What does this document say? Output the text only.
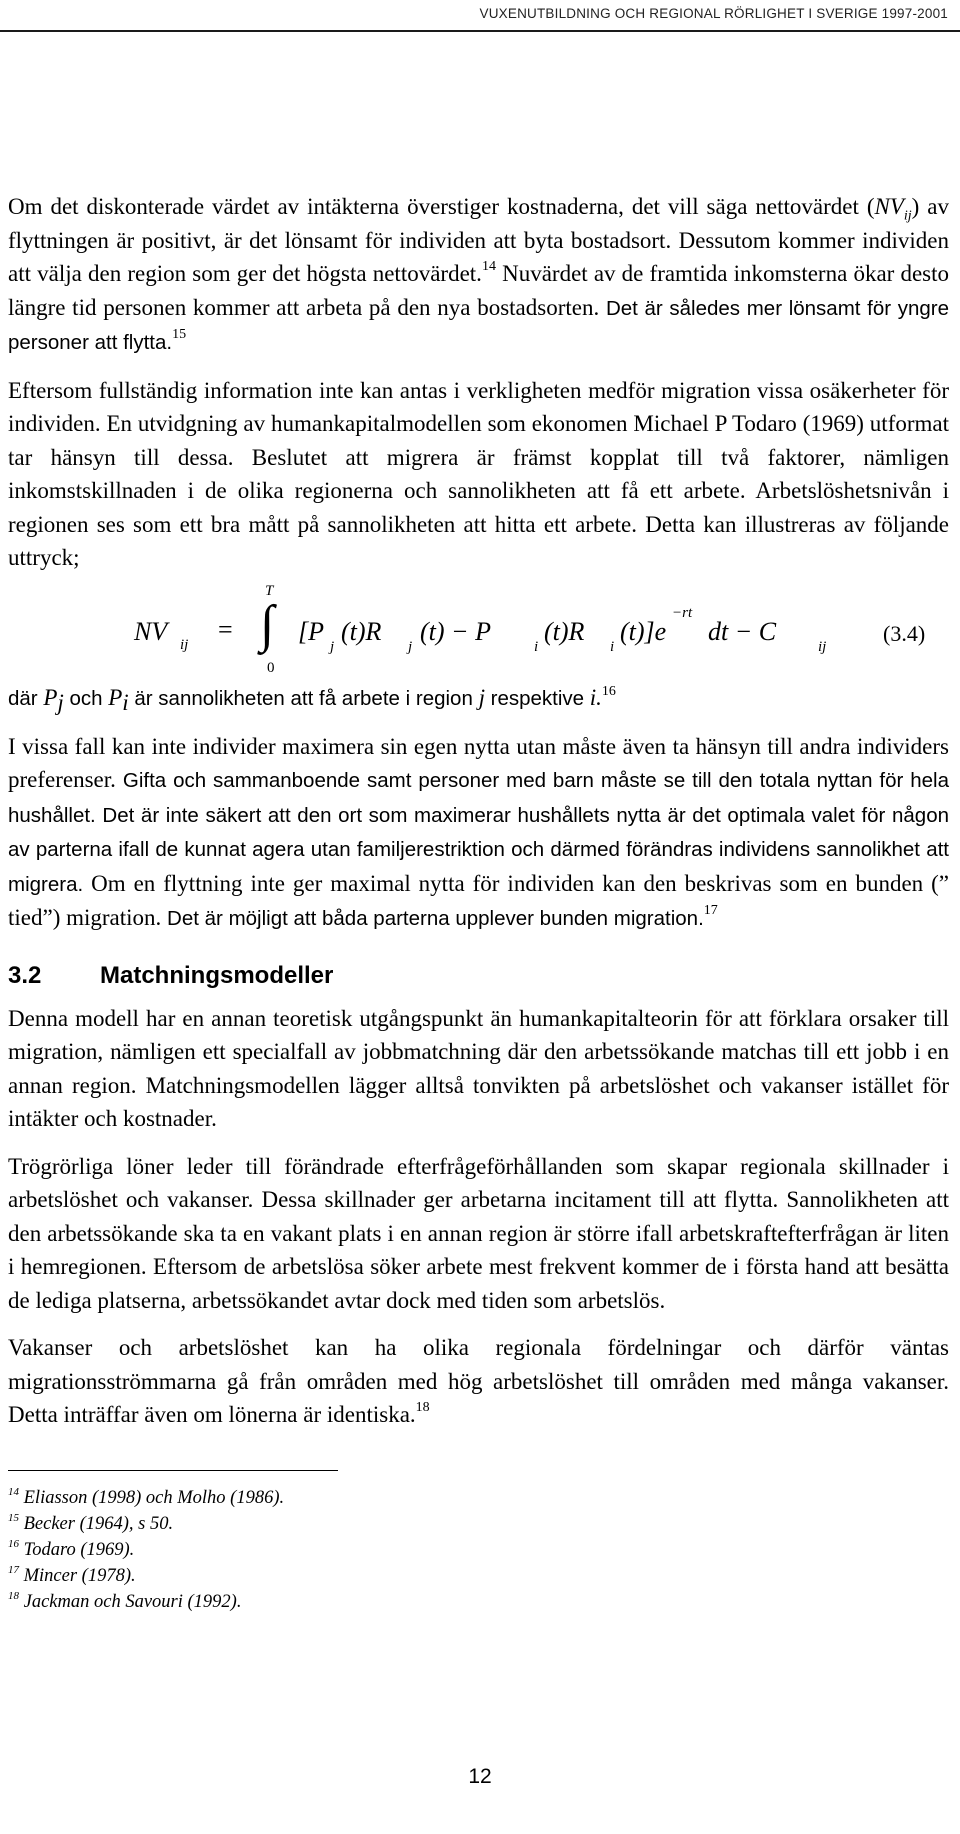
VUXENUTBILDNING OCH REGIONAL RÖRLIGHET I SVERIGE 1997-2001

Om det diskonterade värdet av intäkterna överstiger kostnaderna, det vill säga nettovärdet $(NV_{ij})$ av flyttningen är positivt, är det lönsamt för individen att byta bostadsort. Dessutom kommer individen att välja den region som ger det högsta nettovärdet.$^{14}$ Nuvärdet av de framtida inkomsterna ökar desto längre tid personen kommer att arbeta på den nya bostadsorten. Det är således mer lönsamt för yngre personer att flytta.$^{15}$

Eftersom fullständig information inte kan antas i verkligheten medför migration vissa osäkerheter för individen. En utvidgning av humankapitalmodellen som ekonomen Michael P Todaro (1969) utformat tar hänsyn till dessa. Beslutet att migrera är främst kopplat till två faktorer, nämligen inkomstskillnaden i de olika regionerna och sannolikheten att få ett arbete. Arbetslöshetsnivån i regionen ses som ett bra mått på sannolikheten att hitta ett arbete. Detta kan illustreras av följande uttryck;

NV ij
=
T
∫
0
[P
j
(t)R
j
(t) − P
i
(t)R
i
(t)]e
−rt
dt − C
ij
(3.4)

där $P_j$ och $P_i$ är sannolikheten att få arbete i region j respektive i.$^{16}$

I vissa fall kan inte individer maximera sin egen nytta utan måste även ta hänsyn till andra individers preferenser. Gifta och sammanboende samt personer med barn måste se till den totala nyttan för hela hushållet. Det är inte säkert att den ort som maximerar hushållets nytta är det optimala valet för någon av parterna ifall de kunnat agera utan familjerestriktion och därmed förändras individens sannolikhet att migrera. Om en flyttning inte ger maximal nytta för individen kan den beskrivas som en bunden (” tied”) migration. Det är möjligt att båda parterna upplever bunden migration.$^{17}$

3.2 Matchningsmodeller

Denna modell har en annan teoretisk utgångspunkt än humankapitalteorin för att förklara orsaker till migration, nämligen ett specialfall av jobbmatchning där den arbetssökande matchas till ett jobb i en annan region. Matchningsmodellen lägger alltså tonvikten på arbetslöshet och vakanser istället för intäkter och kostnader.

Trögrörliga löner leder till förändrade efterfrågeförhållanden som skapar regionala skillnader i arbetslöshet och vakanser. Dessa skillnader ger arbetarna incitament till att flytta. Sannolikheten att den arbetssökande ska ta en vakant plats i en annan region är större ifall arbetskraftefterfrågan är liten i hemregionen. Eftersom de arbetslösa söker arbete mest frekvent kommer de i första hand att besätta de lediga platserna, arbetssökandet avtar dock med tiden som arbetslös.

Vakanser och arbetslöshet kan ha olika regionala fördelningar och därför väntas migrationsströmmarna gå från områden med hög arbetslöshet till områden med många vakanser. Detta inträffar även om lönerna är identiska.$^{18}$

$^{14}$ Eliasson (1998) och Molho (1986).

$^{15}$ Becker (1964), s 50.

$^{16}$ Todaro (1969).

$^{17}$ Mincer (1978).

$^{18}$ Jackman och Savouri (1992).

12
